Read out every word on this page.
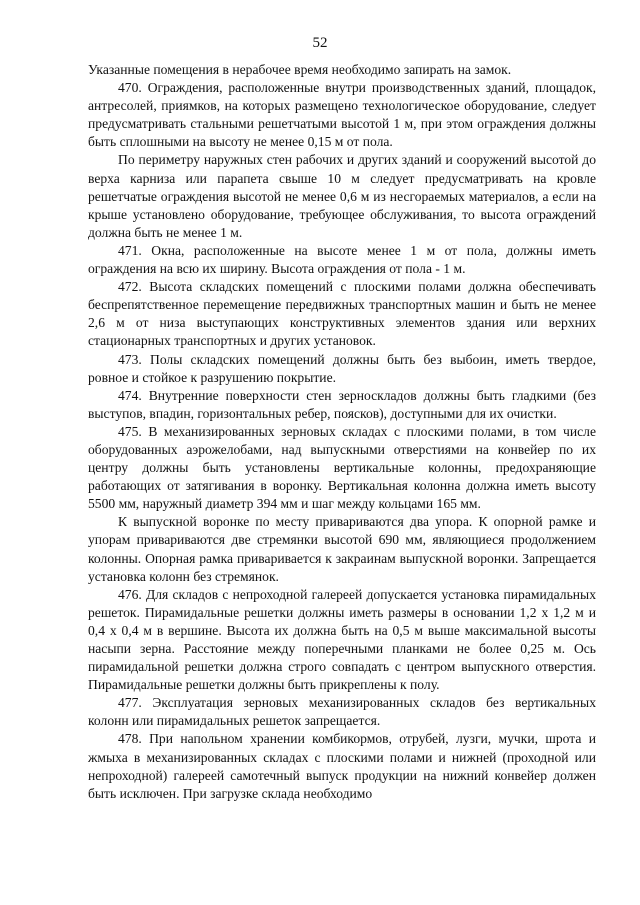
52

Указанные помещения в нерабочее время необходимо запирать на замок.

470. Ограждения, расположенные внутри производственных зданий, площадок, антресолей, приямков, на которых размещено технологическое оборудование, следует предусматривать стальными решетчатыми высотой 1 м, при этом ограждения должны быть сплошными на высоту не менее 0,15 м от пола.

По периметру наружных стен рабочих и других зданий и сооружений высотой до верха карниза или парапета свыше 10 м следует предусматривать на кровле решетчатые ограждения высотой не менее 0,6 м из несгораемых материалов, а если на крыше установлено оборудование, требующее обслуживания, то высота ограждений должна быть не менее 1 м.

471. Окна, расположенные на высоте менее 1 м от пола, должны иметь ограждения на всю их ширину. Высота ограждения от пола - 1 м.

472. Высота складских помещений с плоскими полами должна обеспечивать беспрепятственное перемещение передвижных транспортных машин и быть не менее 2,6 м от низа выступающих конструктивных элементов здания или верхних стационарных транспортных и других установок.

473. Полы складских помещений должны быть без выбоин, иметь твердое, ровное и стойкое к разрушению покрытие.

474. Внутренние поверхности стен зерноскладов должны быть гладкими (без выступов, впадин, горизонтальных ребер, поясков), доступными для их очистки.

475. В механизированных зерновых складах с плоскими полами, в том числе оборудованных аэрожелобами, над выпускными отверстиями на конвейер по их центру должны быть установлены вертикальные колонны, предохраняющие работающих от затягивания в воронку. Вертикальная колонна должна иметь высоту 5500 мм, наружный диаметр 394 мм и шаг между кольцами 165 мм.

К выпускной воронке по месту привариваются два упора. К опорной рамке и упорам привариваются две стремянки высотой 690 мм, являющиеся продолжением колонны. Опорная рамка приваривается к закраинам выпускной воронки. Запрещается установка колонн без стремянок.

476. Для складов с непроходной галереей допускается установка пирамидальных решеток. Пирамидальные решетки должны иметь размеры в основании 1,2 х 1,2 м и 0,4 х 0,4 м в вершине. Высота их должна быть на 0,5 м выше максимальной высоты насыпи зерна. Расстояние между поперечными планками не более 0,25 м. Ось пирамидальной решетки должна строго совпадать с центром выпускного отверстия. Пирамидальные решетки должны быть прикреплены к полу.

477. Эксплуатация зерновых механизированных складов без вертикальных колонн или пирамидальных решеток запрещается.

478. При напольном хранении комбикормов, отрубей, лузги, мучки, шрота и жмыха в механизированных складах с плоскими полами и нижней (проходной или непроходной) галереей самотечный выпуск продукции на нижний конвейер должен быть исключен. При загрузке склада необходимо
